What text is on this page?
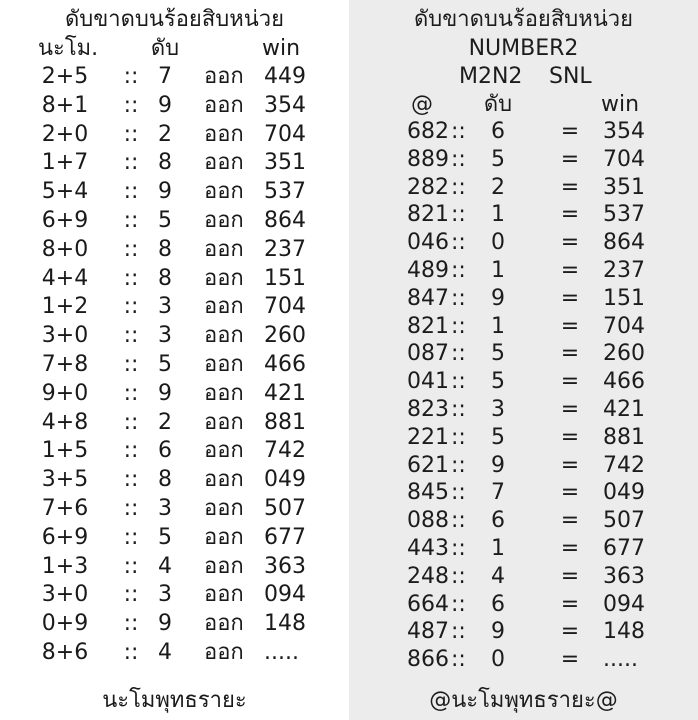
ดับขาดบนร้อยสิบหน่วย
นะโม.	ดับ	win
2+5	:: 7	ออก 449
8+1	:: 9	ออก 354
2+0	:: 2	ออก 704
1+7	:: 8	ออก 351
5+4	:: 9	ออก 537
6+9	:: 5	ออก 864
8+0	:: 8	ออก 237
4+4	:: 8	ออก 151
1+2	:: 3	ออก 704
3+0	:: 3	ออก 260
7+8	:: 5	ออก 466
9+0	:: 9	ออก 421
4+8	:: 2	ออก 881
1+5	:: 6	ออก 742
3+5	:: 8	ออก 049
7+6	:: 3	ออก 507
6+9	:: 5	ออก 677
1+3	:: 4	ออก 363
3+0	:: 3	ออก 094
0+9	:: 9	ออก 148
8+6	:: 4	ออก .....
นะโมพุทธรายะ
ดับขาดบนร้อยสิบหน่วย
NUMBER2
M2N2 SNL
@	ดับ	win
682 ::	6	= 354
889 ::	5	= 704
282 ::	2	= 351
821 ::	1	= 537
046 ::	0	= 864
489 ::	1	= 237
847 ::	9	= 151
821 ::	1	= 704
087 ::	5	= 260
041 ::	5	= 466
823 ::	3	= 421
221 ::	5	= 881
621 ::	9	= 742
845 ::	7	= 049
088 ::	6	= 507
443 ::	1	= 677
248 ::	4	= 363
664 ::	6	= 094
487 ::	9	= 148
866 ::	0	= .....
@นะโมพุทธรายะ@
